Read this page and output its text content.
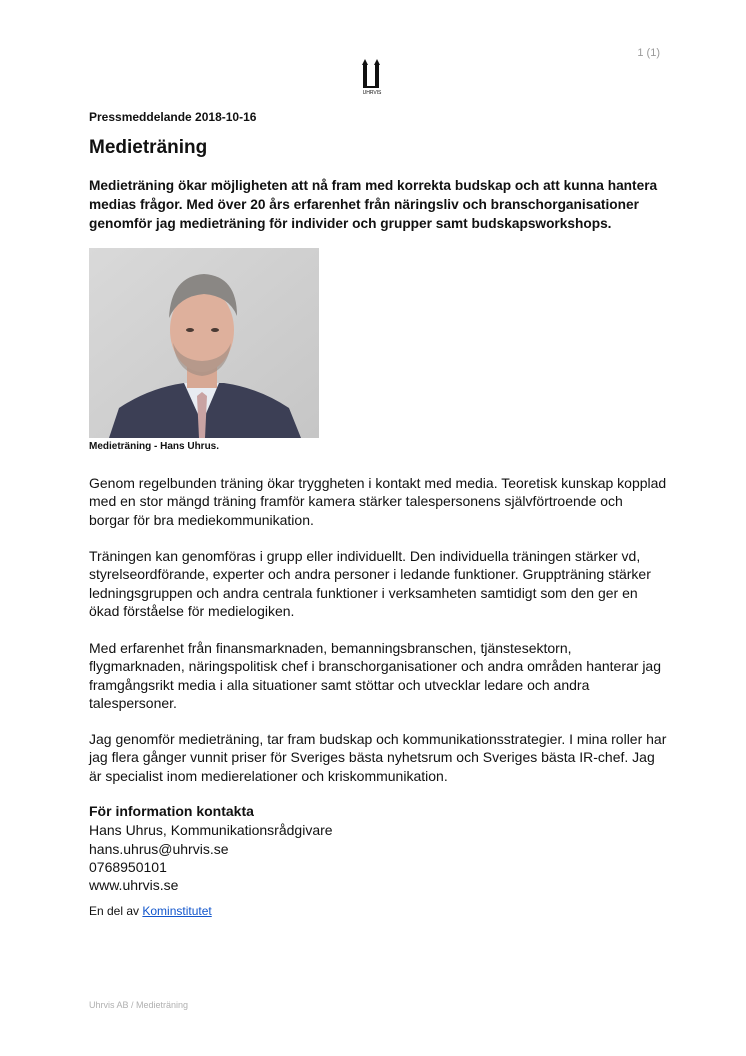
1 (1)
UHRVIS
Pressmeddelande 2018-10-16
Medieträning
Medieträning ökar möjligheten att nå fram med korrekta budskap och att kunna hantera medias frågor. Med över 20 års erfarenhet från näringsliv och branschorganisationer genomför jag medieträning för individer och grupper samt budskapsworkshops.
Medieträning - Hans Uhrus.
Genom regelbunden träning ökar tryggheten i kontakt med media. Teoretisk kunskap kopplad med en stor mängd träning framför kamera stärker talespersonens självförtroende och borgar för bra mediekommunikation.
Träningen kan genomföras i grupp eller individuellt. Den individuella träningen stärker vd, styrelseordförande, experter och andra personer i ledande funktioner. Gruppträning stärker ledningsgruppen och andra centrala funktioner i verksamheten samtidigt som den ger en ökad förståelse för medielogiken.
Med erfarenhet från finansmarknaden, bemanningsbranschen, tjänstesektorn, flygmarknaden, näringspolitisk chef i branschorganisationer och andra områden hanterar jag framgångsrikt media i alla situationer samt stöttar och utvecklar ledare och andra talespersoner.
Jag genomför medieträning, tar fram budskap och kommunikationsstrategier. I mina roller har jag flera gånger vunnit priser för Sveriges bästa nyhetsrum och Sveriges bästa IR-chef. Jag är specialist inom medierelationer och kriskommunikation.
För information kontakta
Hans Uhrus, Kommunikationsrådgivare
hans.uhrus@uhrvis.se
0768950101
www.uhrvis.se
En del av Kominstitutet
Uhrvis AB / Medieträning
